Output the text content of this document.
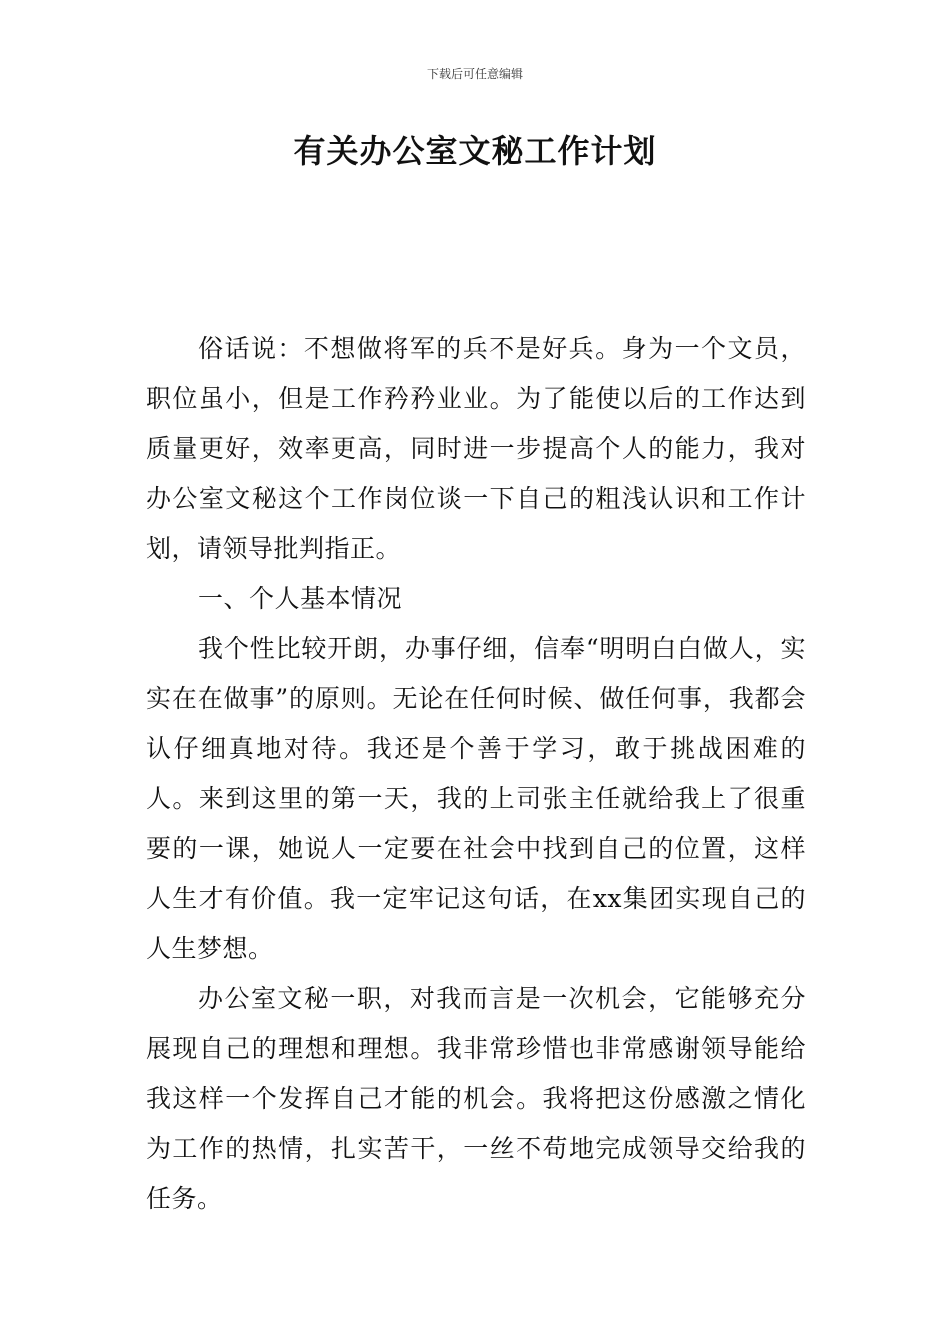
下载后可任意编辑
有关办公室文秘工作计划

俗话说：不想做将军的兵不是好兵。身为一个文员，职位虽小，但是工作矜矜业业。为了能使以后的工作达到质量更好，效率更高，同时进一步提高个人的能力，我对办公室文秘这个工作岗位谈一下自己的粗浅认识和工作计划，请领导批判指正。

一、个人基本情况

我个性比较开朗，办事仔细，信奉“明明白白做人，实实在在做事”的原则。无论在任何时候、做任何事，我都会认仔细真地对待。我还是个善于学习，敢于挑战困难的人。来到这里的第一天，我的上司张主任就给我上了很重要的一课，她说人一定要在社会中找到自己的位置，这样人生才有价值。我一定牢记这句话，在xx集团实现自己的人生梦想。

办公室文秘一职，对我而言是一次机会，它能够充分展现自己的理想和理想。我非常珍惜也非常感谢领导能给我这样一个发挥自己才能的机会。我将把这份感激之情化为工作的热情，扎实苦干，一丝不苟地完成领导交给我的任务。
